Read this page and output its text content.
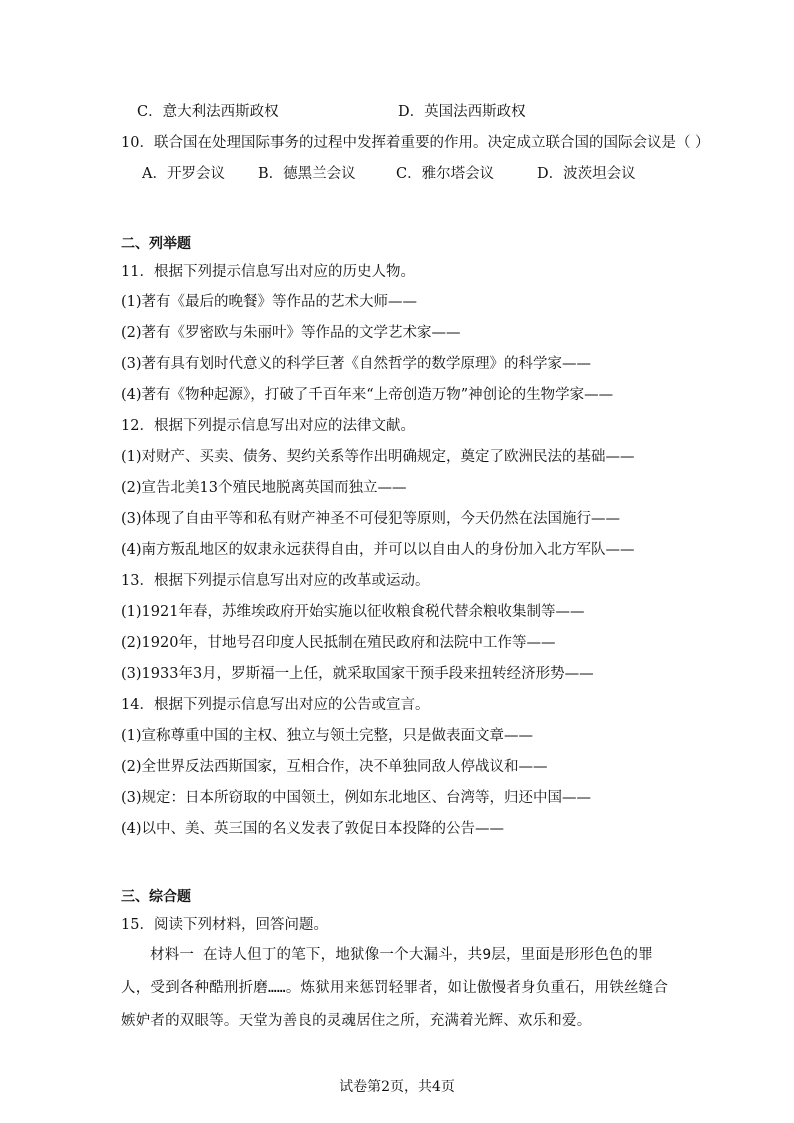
C．意大利法西斯政权	D．英国法西斯政权
10．联合国在处理国际事务的过程中发挥着重要的作用。决定成立联合国的国际会议是（ ）
A．开罗会议 B．德黑兰会议	C．雅尔塔会议	D．波茨坦会议
二、列举题
11．根据下列提示信息写出对应的历史人物。
(1)著有《最后的晚餐》等作品的艺术大师——
(2)著有《罗密欧与朱丽叶》等作品的文学艺术家——
(3)著有具有划时代意义的科学巨著《自然哲学的数学原理》的科学家——
(4)著有《物种起源》，打破了千百年来“上帝创造万物”神创论的生物学家——
12．根据下列提示信息写出对应的法律文献。
(1)对财产、买卖、债务、契约关系等作出明确规定，奠定了欧洲民法的基础——
(2)宣告北美13个殖民地脱离英国而独立——
(3)体现了自由平等和私有财产神圣不可侵犯等原则，今天仍然在法国施行——
(4)南方叛乱地区的奴隶永远获得自由，并可以以自由人的身份加入北方军队——
13．根据下列提示信息写出对应的改革或运动。
(1)1921年春，苏维埃政府开始实施以征收粮食税代替余粮收集制等——
(2)1920年，甘地号召印度人民抵制在殖民政府和法院中工作等——
(3)1933年3月，罗斯福一上任，就采取国家干预手段来扭转经济形势——
14．根据下列提示信息写出对应的公告或宣言。
(1)宣称尊重中国的主权、独立与领土完整，只是做表面文章——
(2)全世界反法西斯国家，互相合作，决不单独同敌人停战议和——
(3)规定：日本所窃取的中国领土，例如东北地区、台湾等，归还中国——
(4)以中、美、英三国的名义发表了敦促日本投降的公告——
三、综合题
15．阅读下列材料，回答问题。
材料一 在诗人但丁的笔下，地狱像一个大漏斗，共9层，里面是形形色色的罪人，受到各种酷刑折磨……。炼狱用来惩罚轻罪者，如让傲慢者身负重石，用铁丝缝合嫉妒者的双眼等。天堂为善良的灵魂居住之所，充满着光辉、欢乐和爱。
试卷第2页，共4页
